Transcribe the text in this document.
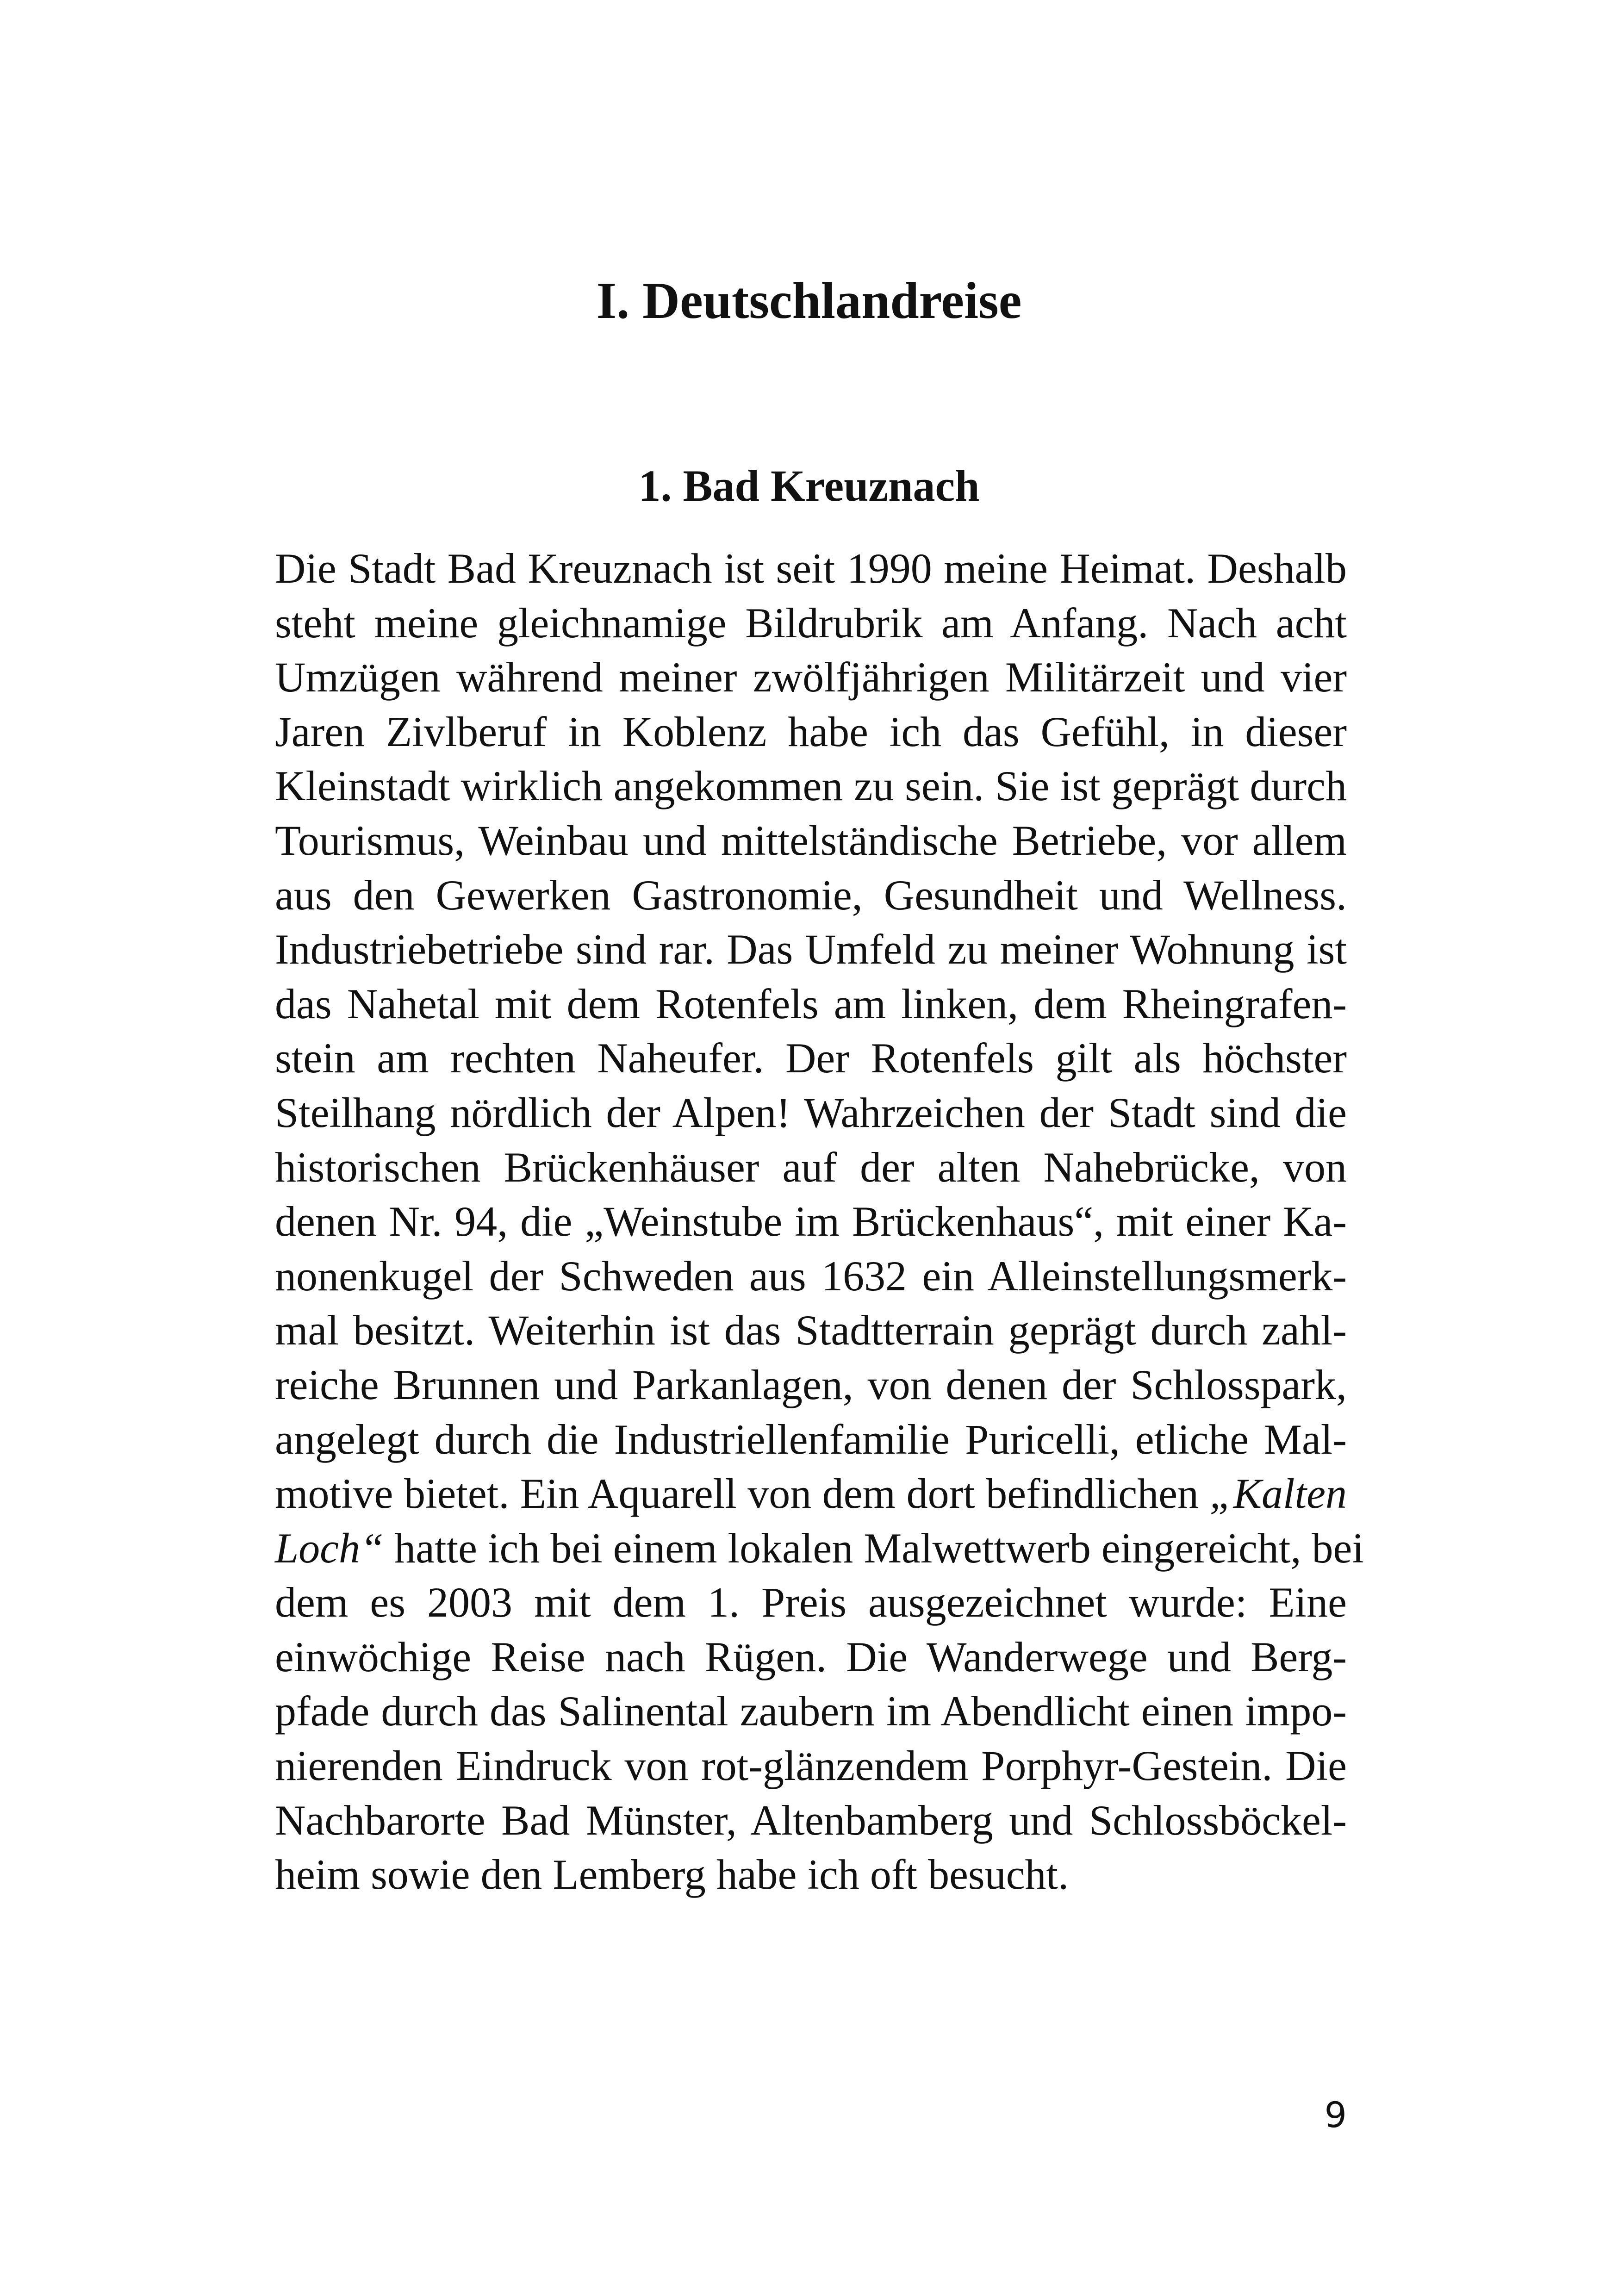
I. Deutschlandreise
1. Bad Kreuznach
Die Stadt Bad Kreuznach ist seit 1990 meine Heimat. Deshalb
steht meine gleichnamige Bildrubrik am Anfang. Nach acht
Umzügen während meiner zwölfjährigen Militärzeit und vier
Jaren Zivlberuf in Koblenz habe ich das Gefühl, in dieser
Kleinstadt wirklich angekommen zu sein. Sie ist geprägt durch
Tourismus, Weinbau und mittelständische Betriebe, vor allem
aus den Gewerken Gastronomie, Gesundheit und Wellness.
Industriebetriebe sind rar. Das Umfeld zu meiner Wohnung ist
das Nahetal mit dem Rotenfels am linken, dem Rheingrafen-
stein am rechten Naheufer. Der Rotenfels gilt als höchster
Steilhang nördlich der Alpen! Wahrzeichen der Stadt sind die
historischen Brückenhäuser auf der alten Nahebrücke, von
denen Nr. 94, die „Weinstube im Brückenhaus“, mit einer Ka-
nonenkugel der Schweden aus 1632 ein Alleinstellungsmerk-
mal besitzt. Weiterhin ist das Stadtterrain geprägt durch zahl-
reiche Brunnen und Parkanlagen, von denen der Schlosspark,
angelegt durch die Industriellenfamilie Puricelli, etliche Mal-
motive bietet. Ein Aquarell von dem dort befindlichen „Kalten
Loch“ hatte ich bei einem lokalen Malwettwerb eingereicht, bei
dem es 2003 mit dem 1. Preis ausgezeichnet wurde: Eine
einwöchige Reise nach Rügen. Die Wanderwege und Berg-
pfade durch das Salinental zaubern im Abendlicht einen impo-
nierenden Eindruck von rot-glänzendem Porphyr-Gestein. Die
Nachbarorte Bad Münster, Altenbamberg und Schlossböckel-
heim sowie den Lemberg habe ich oft besucht.
9
